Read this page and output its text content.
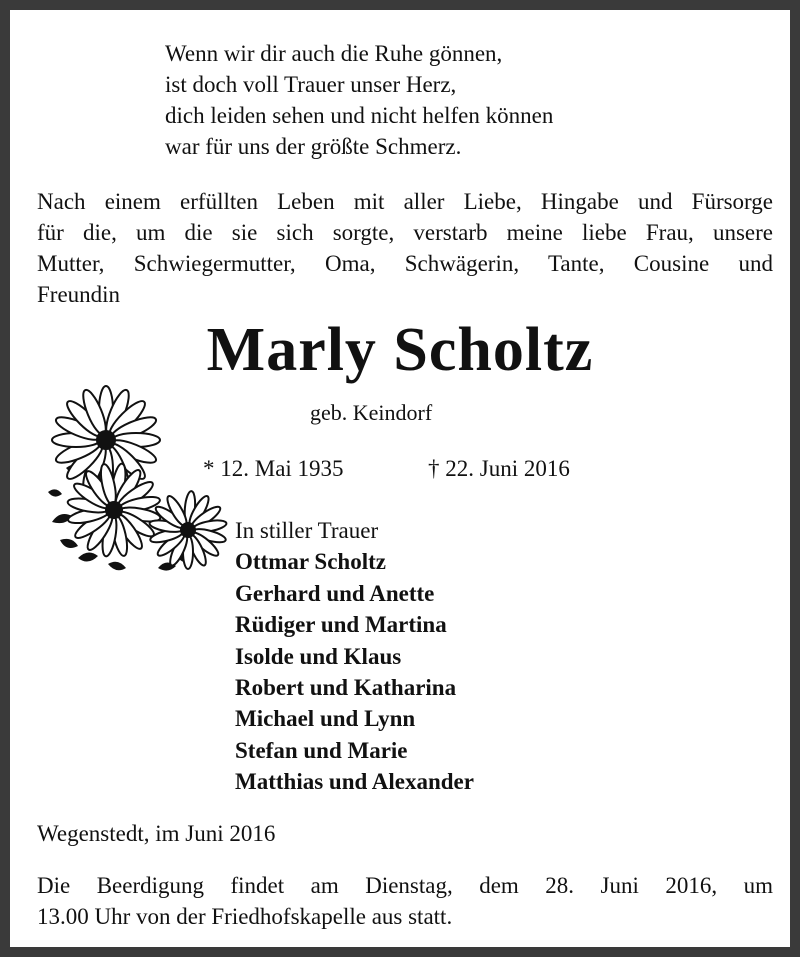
Wenn wir dir auch die Ruhe gönnen,
ist doch voll Trauer unser Herz,
dich leiden sehen und nicht helfen können
war für uns der größte Schmerz.
Nach einem erfüllten Leben mit aller Liebe, Hingabe und Fürsorge
für die, um die sie sich sorgte, verstarb meine liebe Frau, unsere
Mutter, Schwiegermutter, Oma, Schwägerin, Tante, Cousine und
Freundin
Marly Scholtz
geb. Keindorf
* 12. Mai 1935	† 22. Juni 2016
In stiller Trauer
Ottmar Scholtz
Gerhard und Anette
Rüdiger und Martina
Isolde und Klaus
Robert und Katharina
Michael und Lynn
Stefan und Marie
Matthias und Alexander
Wegenstedt, im Juni 2016
Die Beerdigung findet am Dienstag, dem 28. Juni 2016, um
13.00 Uhr von der Friedhofskapelle aus statt.
